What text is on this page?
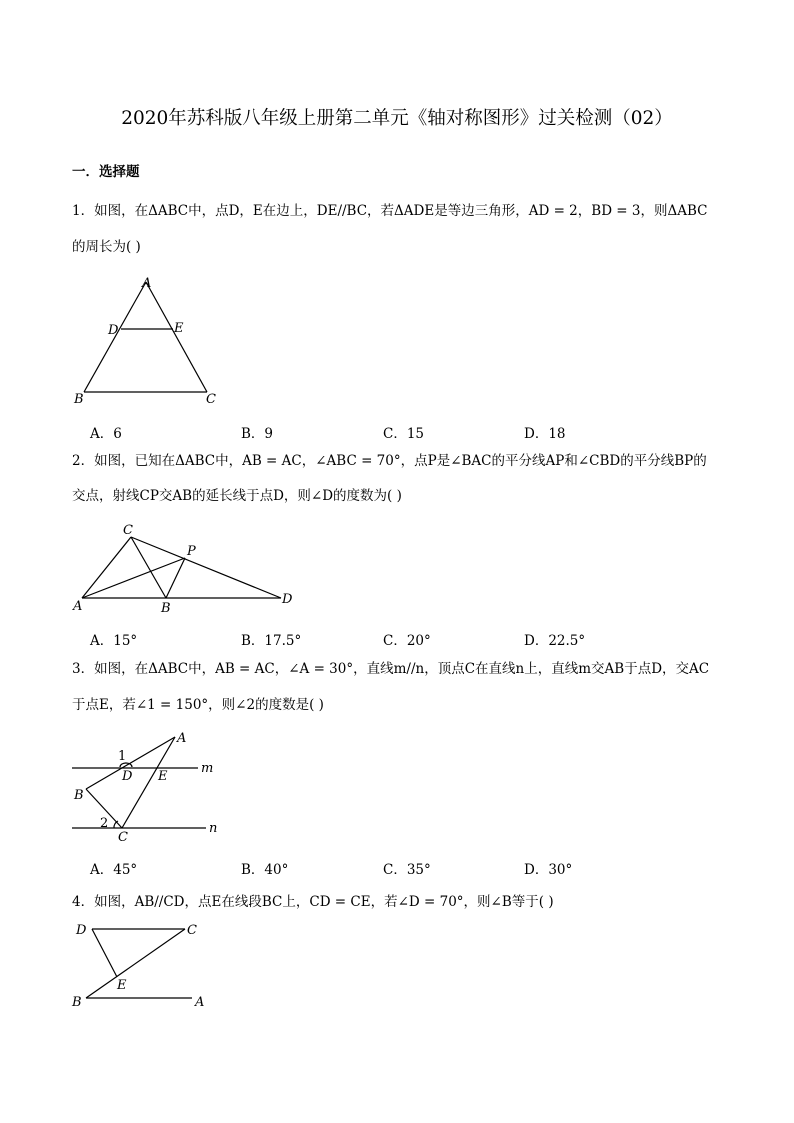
2020年苏科版八年级上册第二单元《轴对称图形》过关检测（02）
一．选择题
1．如图，在ΔABC中，点D，E在边上，DE//BC，若ΔADE是等边三角形，AD = 2，BD = 3，则ΔABC
的周长为( )
A
D	E
B	C
A．6	B．9	C．15	D．18
2．如图，已知在ΔABC中，AB = AC，∠ABC = 70°，点P是∠BAC的平分线AP和∠CBD的平分线BP的
交点，射线CP交AB的延长线于点D，则∠D的度数为( )
C
P
A	B
D
A．15°	B．17.5°	C．20°	D．22.5°
3．如图，在ΔABC中，AB = AC，∠A = 30°，直线m//n，顶点C在直线n上，直线m交AB于点D，交AC
于点E，若∠1 = 150°，则∠2的度数是( )
A
1
m
D E
B
2	n
C
A．45°	B．40°	C．35°	D．30°
4．如图，AB//CD，点E在线段BC上，CD = CE，若∠D = 70°，则∠B等于( )
D	C
E
B	A
